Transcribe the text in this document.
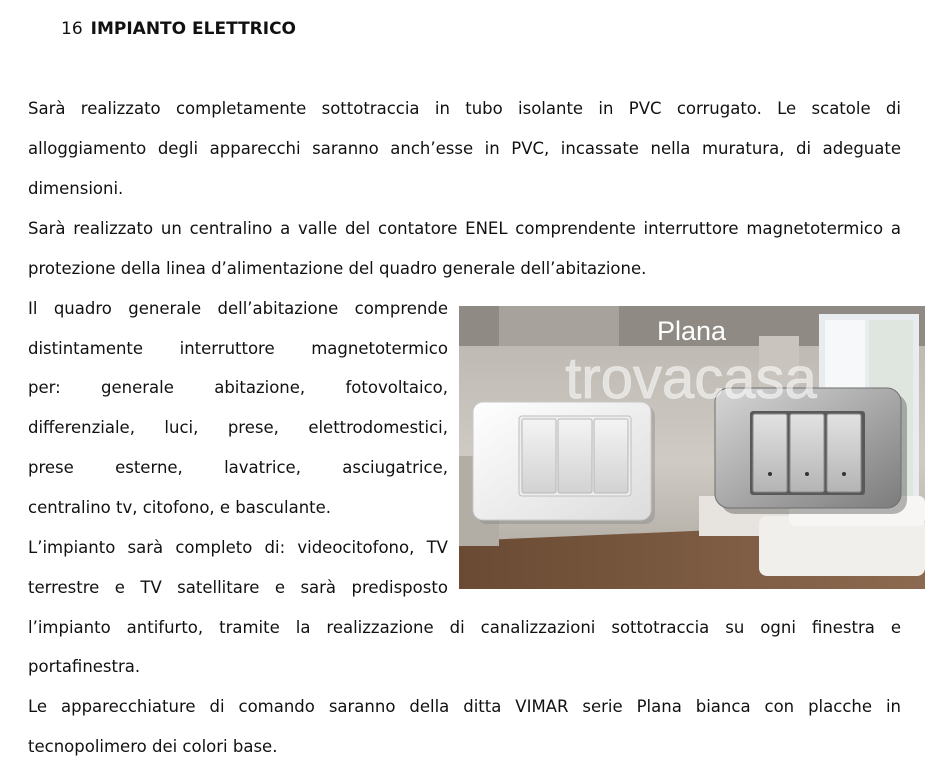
16 IMPIANTO ELETTRICO

Sarà realizzato completamente sottotraccia in tubo isolante in PVC corrugato. Le scatole di alloggiamento degli apparecchi saranno anch’esse in PVC, incassate nella muratura, di adeguate dimensioni.

Sarà realizzato un centralino a valle del contatore ENEL comprendente interruttore magnetotermico a protezione della linea d’alimentazione del quadro generale dell’abitazione.

Il quadro generale dell’abitazione comprende
distintamente interruttore magnetotermico
per: generale abitazione, fotovoltaico,
differenziale, luci, prese, elettrodomestici,
prese	esterne,	lavatrice,	asciugatrice,
centralino tv, citofono, e basculante.
L’impianto sarà completo di: videocitofono, TV
terrestre e TV satellitare e sarà predisposto
l’impianto antifurto, tramite la realizzazione di canalizzazioni sottotraccia su ogni finestra e
portafinestra.

Le apparecchiature di comando saranno della ditta VIMAR serie Plana bianca con placche in tecnopolimero dei colori base.

Plana
trovacasa
